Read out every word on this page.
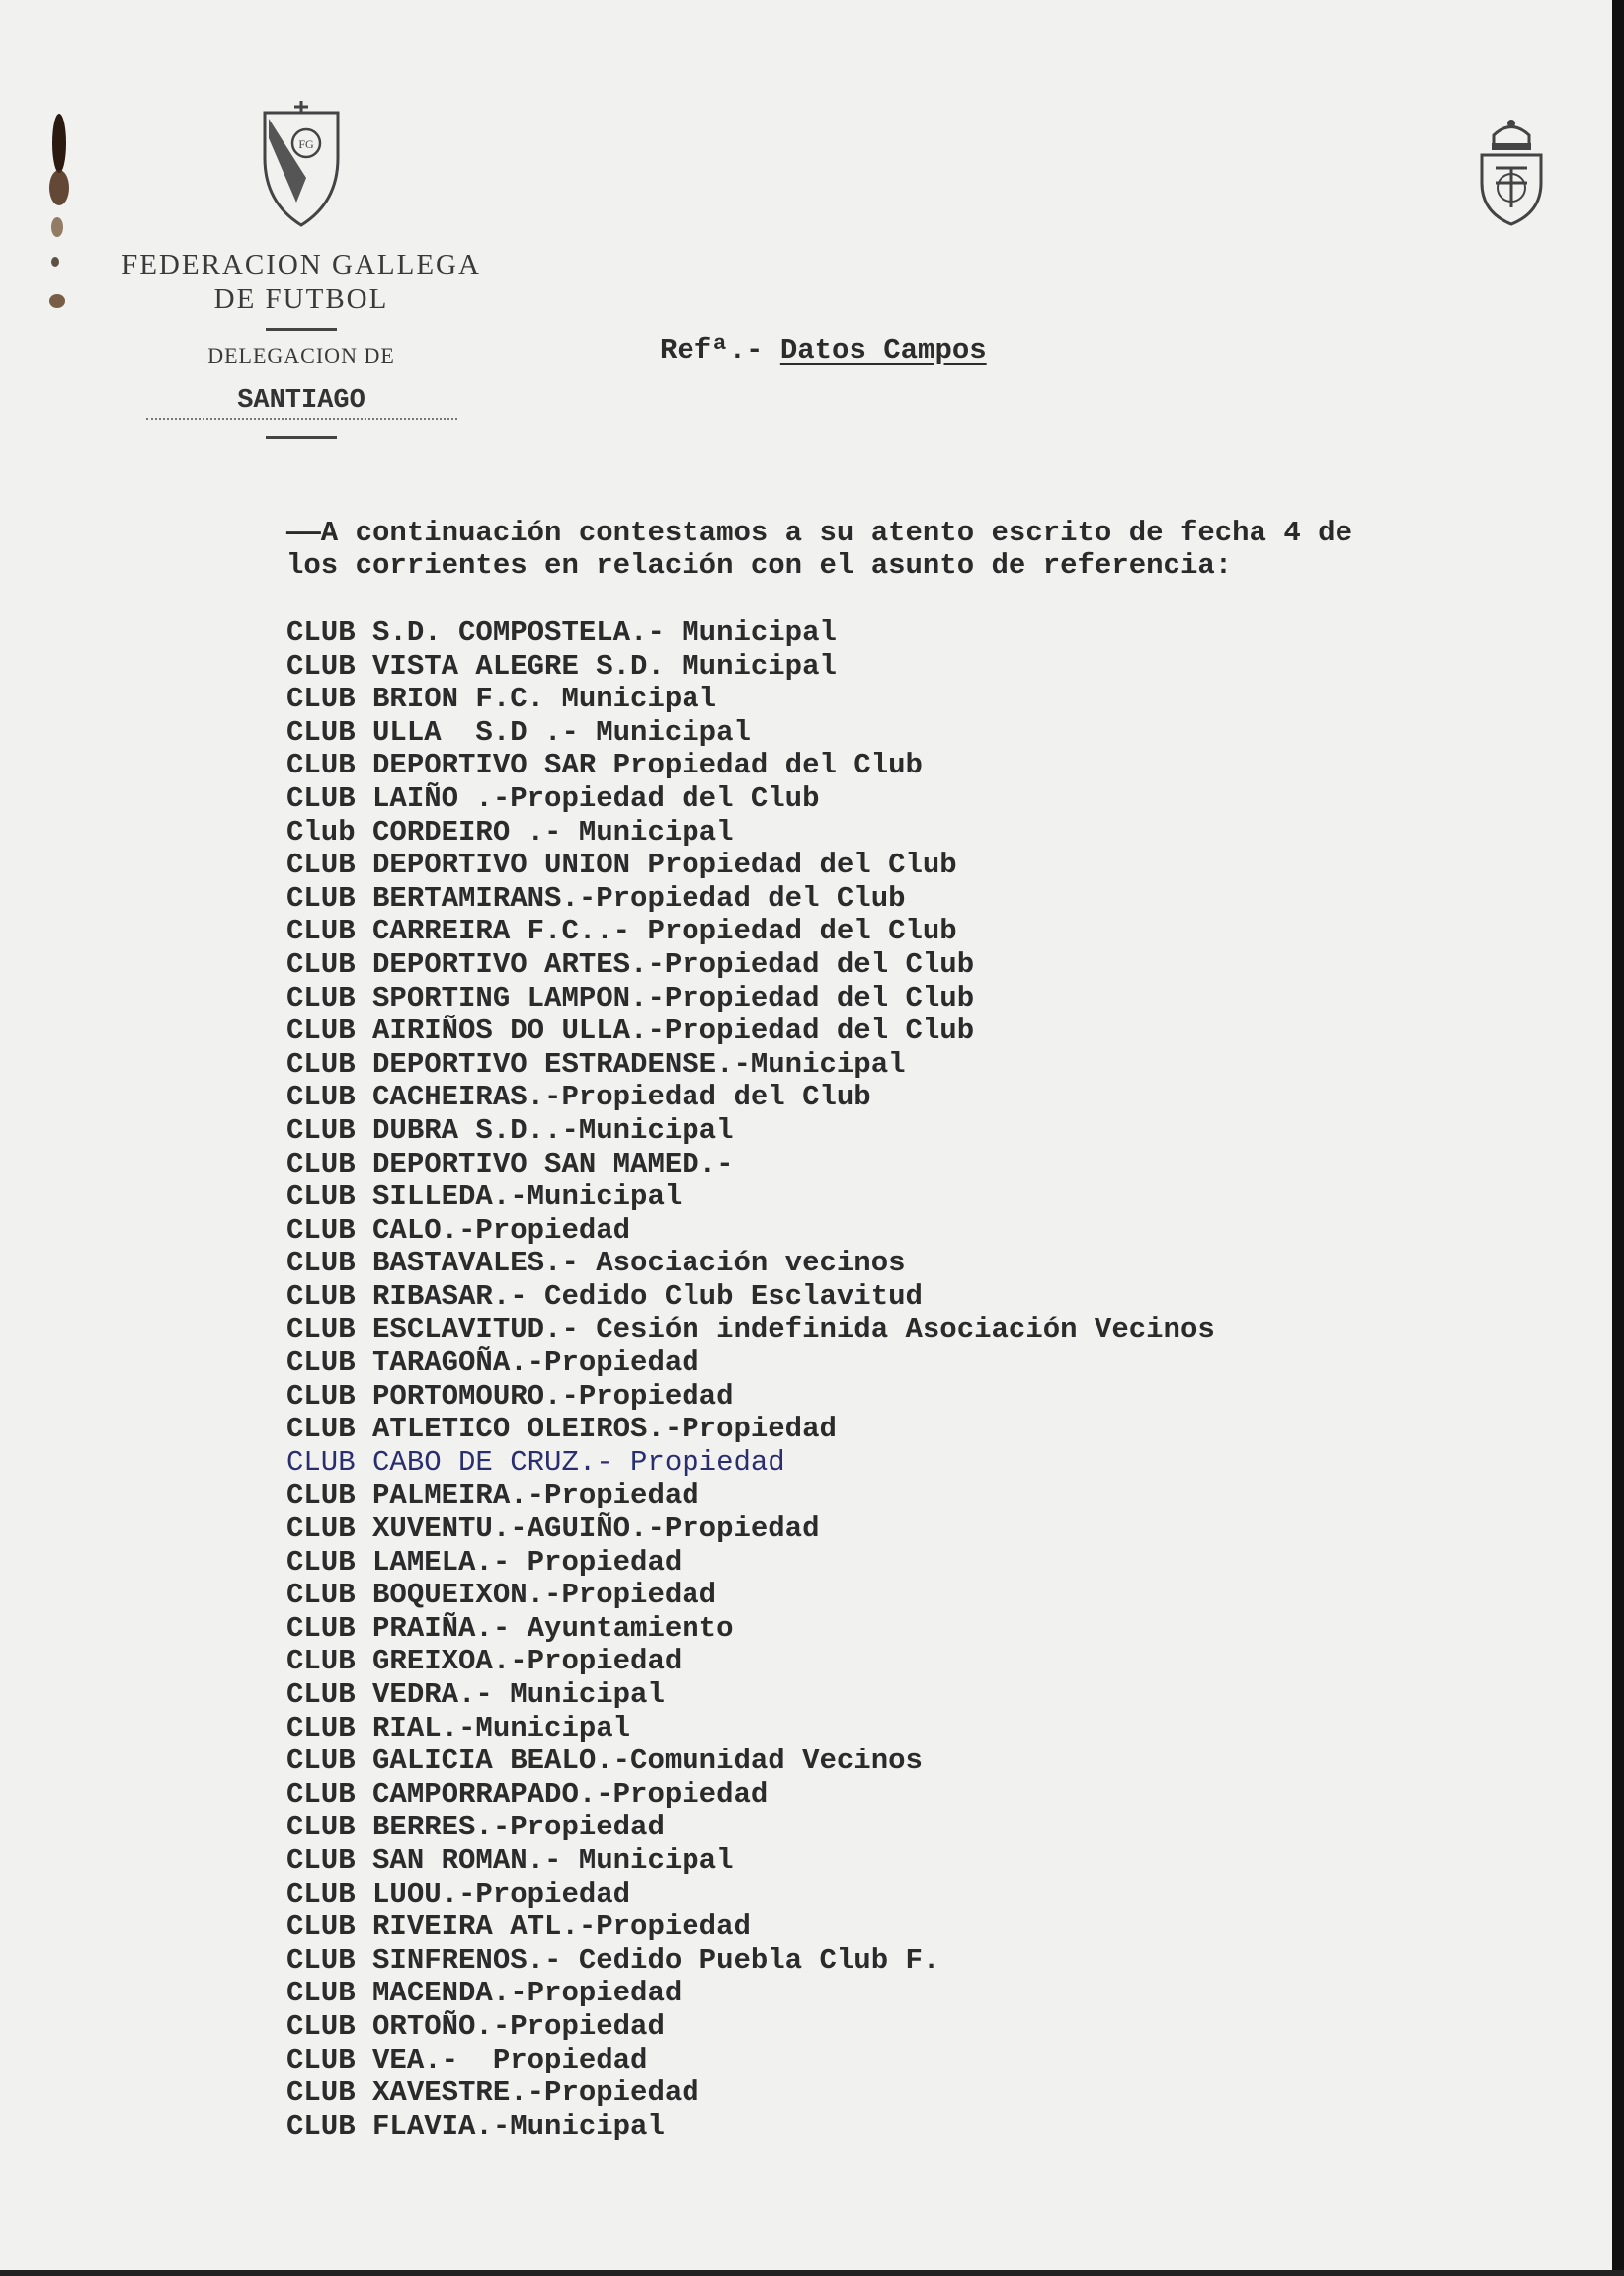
FG
FEDERACION GALLEGA
DE FUTBOL
DELEGACION DE
SANTIAGO
Refª.- Datos Campos
——A continuación contestamos a su atento escrito de fecha 4 de
los corrientes en relación con el asunto de referencia:
CLUB S.D. COMPOSTELA.- Municipal
CLUB VISTA ALEGRE S.D. Municipal
CLUB BRION F.C. Municipal
CLUB ULLA  S.D .- Municipal
CLUB DEPORTIVO SAR Propiedad del Club
CLUB LAIÑO .-Propiedad del Club
Club CORDEIRO .- Municipal
CLUB DEPORTIVO UNION Propiedad del Club
CLUB BERTAMIRANS.-Propiedad del Club
CLUB CARREIRA F.C..- Propiedad del Club
CLUB DEPORTIVO ARTES.-Propiedad del Club
CLUB SPORTING LAMPON.-Propiedad del Club
CLUB AIRIÑOS DO ULLA.-Propiedad del Club
CLUB DEPORTIVO ESTRADENSE.-Municipal
CLUB CACHEIRAS.-Propiedad del Club
CLUB DUBRA S.D..-Municipal
CLUB DEPORTIVO SAN MAMED.-
CLUB SILLEDA.-Municipal
CLUB CALO.-Propiedad
CLUB BASTAVALES.- Asociación vecinos
CLUB RIBASAR.- Cedido Club Esclavitud
CLUB ESCLAVITUD.- Cesión indefinida Asociación Vecinos
CLUB TARAGOÑA.-Propiedad
CLUB PORTOMOURO.-Propiedad
CLUB ATLETICO OLEIROS.-Propiedad
CLUB CABO DE CRUZ.- Propiedad
CLUB PALMEIRA.-Propiedad
CLUB XUVENTU.-AGUIÑO.-Propiedad
CLUB LAMELA.- Propiedad
CLUB BOQUEIXON.-Propiedad
CLUB PRAIÑA.- Ayuntamiento
CLUB GREIXOA.-Propiedad
CLUB VEDRA.- Municipal
CLUB RIAL.-Municipal
CLUB GALICIA BEALO.-Comunidad Vecinos
CLUB CAMPORRAPADO.-Propiedad
CLUB BERRES.-Propiedad
CLUB SAN ROMAN.- Municipal
CLUB LUOU.-Propiedad
CLUB RIVEIRA ATL.-Propiedad
CLUB SINFRENOS.- Cedido Puebla Club F.
CLUB MACENDA.-Propiedad
CLUB ORTOÑO.-Propiedad
CLUB VEA.-  Propiedad
CLUB XAVESTRE.-Propiedad
CLUB FLAVIA.-Municipal
